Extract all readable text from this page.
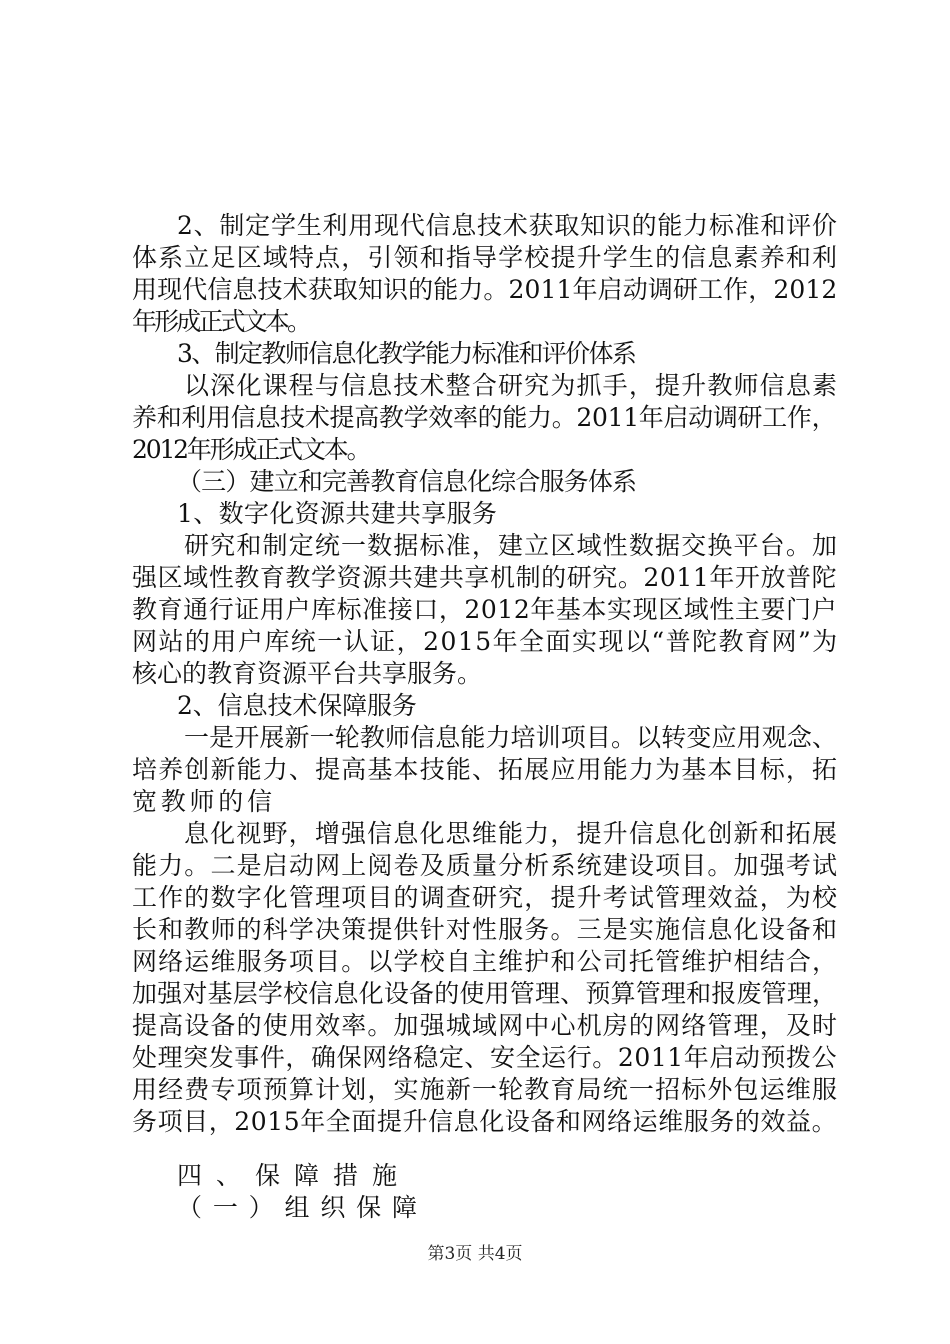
2、制定学生利用现代信息技术获取知识的能力标准和评价

体系立足区域特点，引领和指导学校提升学生的信息素养和利

用现代信息技术获取知识的能力。2011年启动调研工作，2012

年形成正式文本。

3、制定教师信息化教学能力标准和评价体系

以深化课程与信息技术整合研究为抓手，提升教师信息素

养和利用信息技术提高教学效率的能力。2011年启动调研工作，

2012年形成正式文本。

（三）建立和完善教育信息化综合服务体系

1、数字化资源共建共享服务

研究和制定统一数据标准，建立区域性数据交换平台。加

强区域性教育教学资源共建共享机制的研究。2011年开放普陀

教育通行证用户库标准接口，2012年基本实现区域性主要门户

网站的用户库统一认证，2015年全面实现以“普陀教育网”为

核心的教育资源平台共享服务。

2、信息技术保障服务

一是开展新一轮教师信息能力培训项目。以转变应用观念、

培养创新能力、提高基本技能、拓展应用能力为基本目标，拓

宽教师的信

息化视野，增强信息化思维能力，提升信息化创新和拓展

能力。二是启动网上阅卷及质量分析系统建设项目。加强考试

工作的数字化管理项目的调查研究，提升考试管理效益，为校

长和教师的科学决策提供针对性服务。三是实施信息化设备和

网络运维服务项目。以学校自主维护和公司托管维护相结合，

加强对基层学校信息化设备的使用管理、预算管理和报废管理，

提高设备的使用效率。加强城域网中心机房的网络管理，及时

处理突发事件，确保网络稳定、安全运行。2011年启动预拨公

用经费专项预算计划，实施新一轮教育局统一招标外包运维服

务项目，2015年全面提升信息化设备和网络运维服务的效益。

四、保障措施

（一）组织保障

第3页 共4页
